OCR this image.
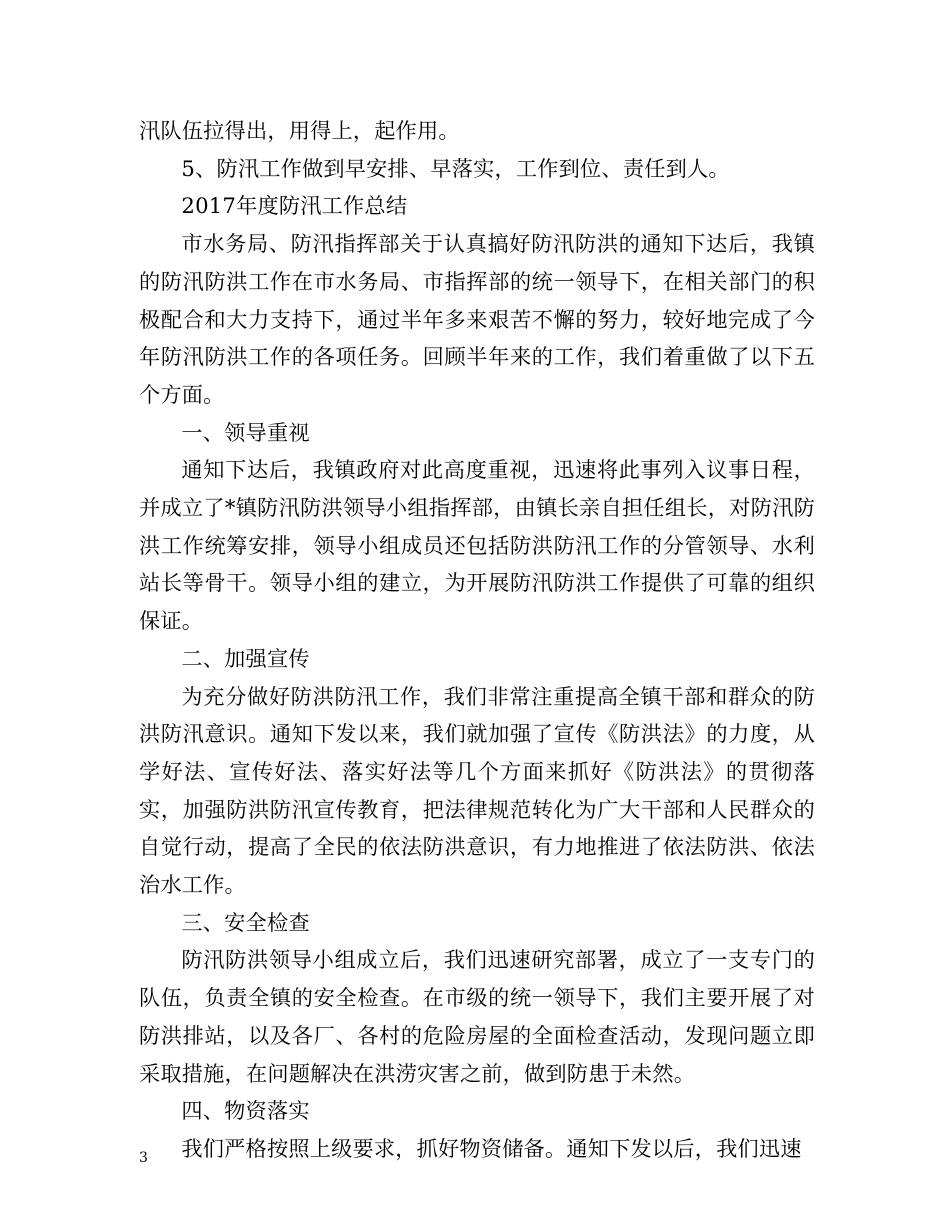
汛队伍拉得出，用得上，起作用。

5、防汛工作做到早安排、早落实，工作到位、责任到人。

2017年度防汛工作总结

市水务局、防汛指挥部关于认真搞好防汛防洪的通知下达后，我镇的防汛防洪工作在市水务局、市指挥部的统一领导下，在相关部门的积极配合和大力支持下，通过半年多来艰苦不懈的努力，较好地完成了今年防汛防洪工作的各项任务。回顾半年来的工作，我们着重做了以下五个方面。

一、领导重视

通知下达后，我镇政府对此高度重视，迅速将此事列入议事日程，并成立了*镇防汛防洪领导小组指挥部，由镇长亲自担任组长，对防汛防洪工作统筹安排，领导小组成员还包括防洪防汛工作的分管领导、水利站长等骨干。领导小组的建立，为开展防汛防洪工作提供了可靠的组织保证。

二、加强宣传

为充分做好防洪防汛工作，我们非常注重提高全镇干部和群众的防洪防汛意识。通知下发以来，我们就加强了宣传《防洪法》的力度，从学好法、宣传好法、落实好法等几个方面来抓好《防洪法》的贯彻落实，加强防洪防汛宣传教育，把法律规范转化为广大干部和人民群众的自觉行动，提高了全民的依法防洪意识，有力地推进了依法防洪、依法治水工作。

三、安全检查

防汛防洪领导小组成立后，我们迅速研究部署，成立了一支专门的队伍，负责全镇的安全检查。在市级的统一领导下，我们主要开展了对防洪排站，以及各厂、各村的危险房屋的全面检查活动，发现问题立即采取措施，在问题解决在洪涝灾害之前，做到防患于未然。

四、物资落实

我们严格按照上级要求，抓好物资储备。通知下发以后，我们迅速

3
